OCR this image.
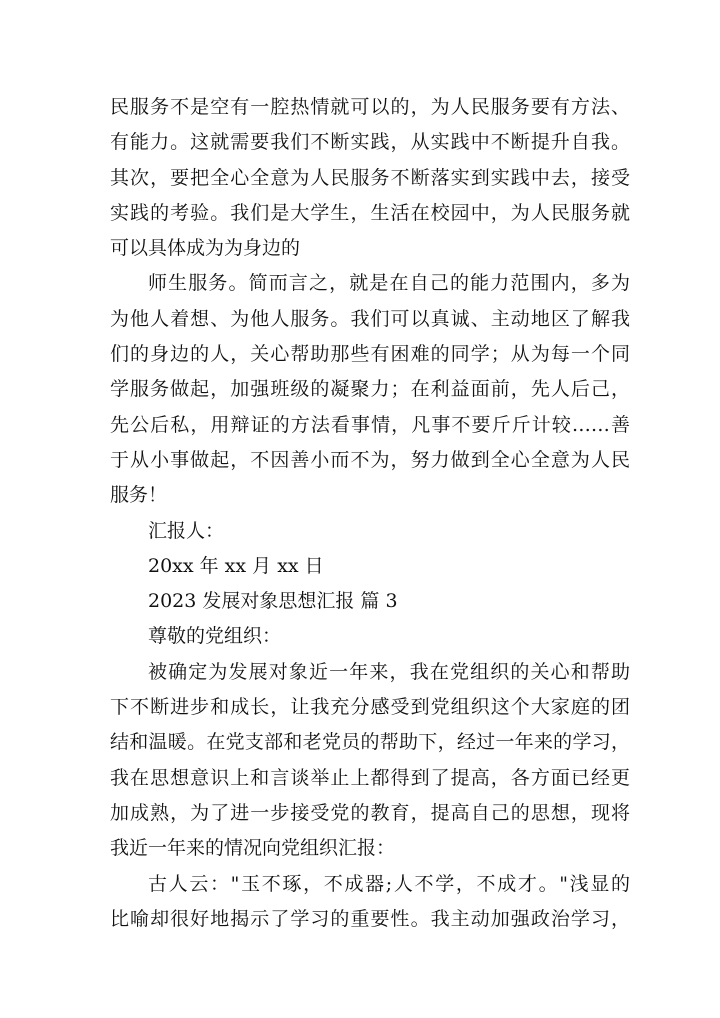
民服务不是空有一腔热情就可以的，为人民服务要有方法、
有能力。这就需要我们不断实践，从实践中不断提升自我。
其次，要把全心全意为人民服务不断落实到实践中去，接受
实践的考验。我们是大学生，生活在校园中，为人民服务就
可以具体成为为身边的
师生服务。简而言之，就是在自己的能力范围内，多为
为他人着想、为他人服务。我们可以真诚、主动地区了解我
们的身边的人，关心帮助那些有困难的同学；从为每一个同
学服务做起，加强班级的凝聚力；在利益面前，先人后己，
先公后私，用辩证的方法看事情，凡事不要斤斤计较……善
于从小事做起，不因善小而不为，努力做到全心全意为人民
服务！
汇报人：
20xx 年 xx 月 xx 日
2023 发展对象思想汇报 篇 3
尊敬的党组织：
被确定为发展对象近一年来，我在党组织的关心和帮助
下不断进步和成长，让我充分感受到党组织这个大家庭的团
结和温暖。在党支部和老党员的帮助下，经过一年来的学习，
我在思想意识上和言谈举止上都得到了提高，各方面已经更
加成熟，为了进一步接受党的教育，提高自己的思想，现将
我近一年来的情况向党组织汇报：
古人云："玉不琢，不成器;人不学，不成才。"浅显的
比喻却很好地揭示了学习的重要性。我主动加强政治学习，
